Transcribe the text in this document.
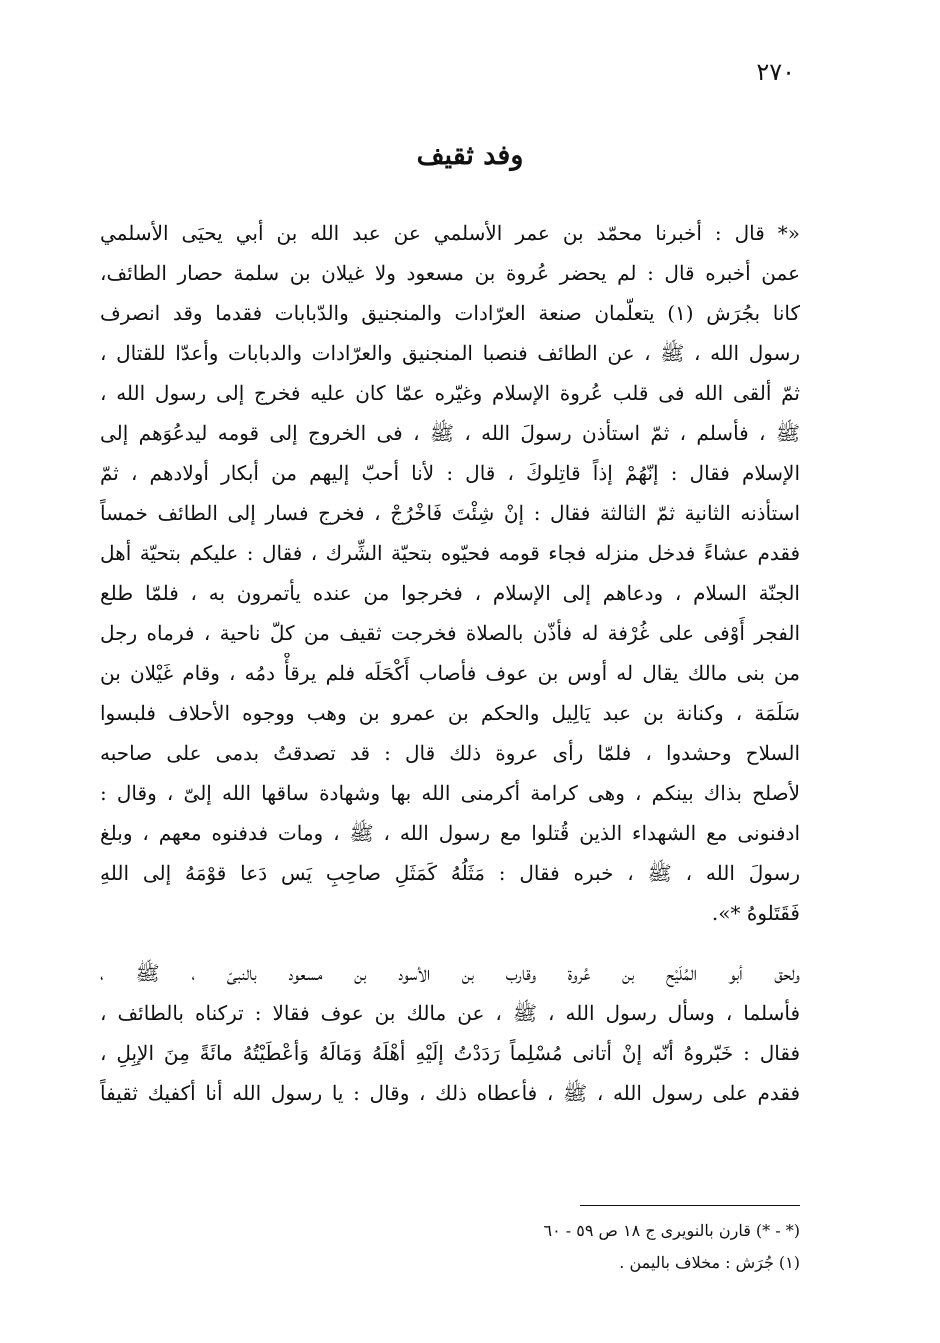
٢٧٠
وفد ثقيف
«* قال : أخبرنا محمّد بن عمر الأسلمي عن عبد الله بن أبي يحيَى الأسلمي
عمن أخبره قال : لم يحضر عُروة بن مسعود ولا غيلان بن سلمة حصار الطائف،
كانا بجُرَش (١) يتعلّمان صنعة العرّادات والمنجنيق والدّبابات فقدما وقد انصرف
رسول الله ، ﷺ ، عن الطائف فنصبا المنجنيق والعرّادات والدبابات وأعدّا للقتال ،
ثمّ ألقى الله فى قلب عُروة الإسلام وغيّره عمّا كان عليه فخرج إلى رسول الله ،
ﷺ ، فأسلم ، ثمّ استأذن رسولَ الله ، ﷺ ، فى الخروج إلى قومه ليدعُوَهم إلى
الإسلام فقال : إنّهُمْ إذاً قاتِلوكَ ، قال : لأنا أحبّ إليهم من أبكار أولادهم ، ثمّ
استأذنه الثانية ثمّ الثالثة فقال : إنْ شِئْتَ فَاخْرُجْ ، فخرج فسار إلى الطائف خمساً
فقدم عشاءً فدخل منزله فجاء قومه فحيّوه بتحيّة الشِّرك ، فقال : عليكم بتحيّة أهل
الجنّة السلام ، ودعاهم إلى الإسلام ، فخرجوا من عنده يأتمرون به ، فلمّا طلع
الفجر أَوْفى على غُرْفة له فأذّن بالصلاة فخرجت ثقيف من كلّ ناحية ، فرماه رجل
من بنى مالك يقال له أوس بن عوف فأصاب أَكْحَلَه فلم يرقأْ دمُه ، وقام غَيْلان بن
سَلَمَة ، وكنانة بن عبد يَالِيل والحكم بن عمرو بن وهب ووجوه الأحلاف فلبسوا
السلاح وحشدوا ، فلمّا رأى عروة ذلك قال : قد تصدقتُ بدمى على صاحبه
لأصلح بذاك بينكم ، وهى كرامة أكرمنى الله بها وشهادة ساقها الله إلىّ ، وقال :
ادفنونى مع الشهداء الذين قُتلوا مع رسول الله ، ﷺ ، ومات فدفنوه معهم ، وبلغ
رسولَ الله ، ﷺ ، خبره فقال : مَثَلُهُ كَمَثَلِ صاحِبِ يَس دَعا قوْمَهُ إلى اللهِ
فَقَتَلوهُ *».
ولحق أبو المُلَيْح بن عُروة وقارب بن الأسود بن مسعود بالنبىّ ، ﷺ ،
فأسلما ، وسأل رسول الله ، ﷺ ، عن مالك بن عوف فقالا : تركناه بالطائف ،
فقال : خَبّروهُ أنّه إنْ أتانى مُسْلِماً رَدَدْتُ إلَيْهِ أهْلَهُ وَمَالَهُ وَأعْطَيْتُهُ مائَةً مِنَ الإبِلِ ،
فقدم على رسول الله ، ﷺ ، فأعطاه ذلك ، وقال : يا رسول الله أنا أكفيك ثقيفاً
(* - *) قارن بالنويرى ج ١٨ ص ٥٩ - ٦٠
(١) جُرَش : مخلاف باليمن .
